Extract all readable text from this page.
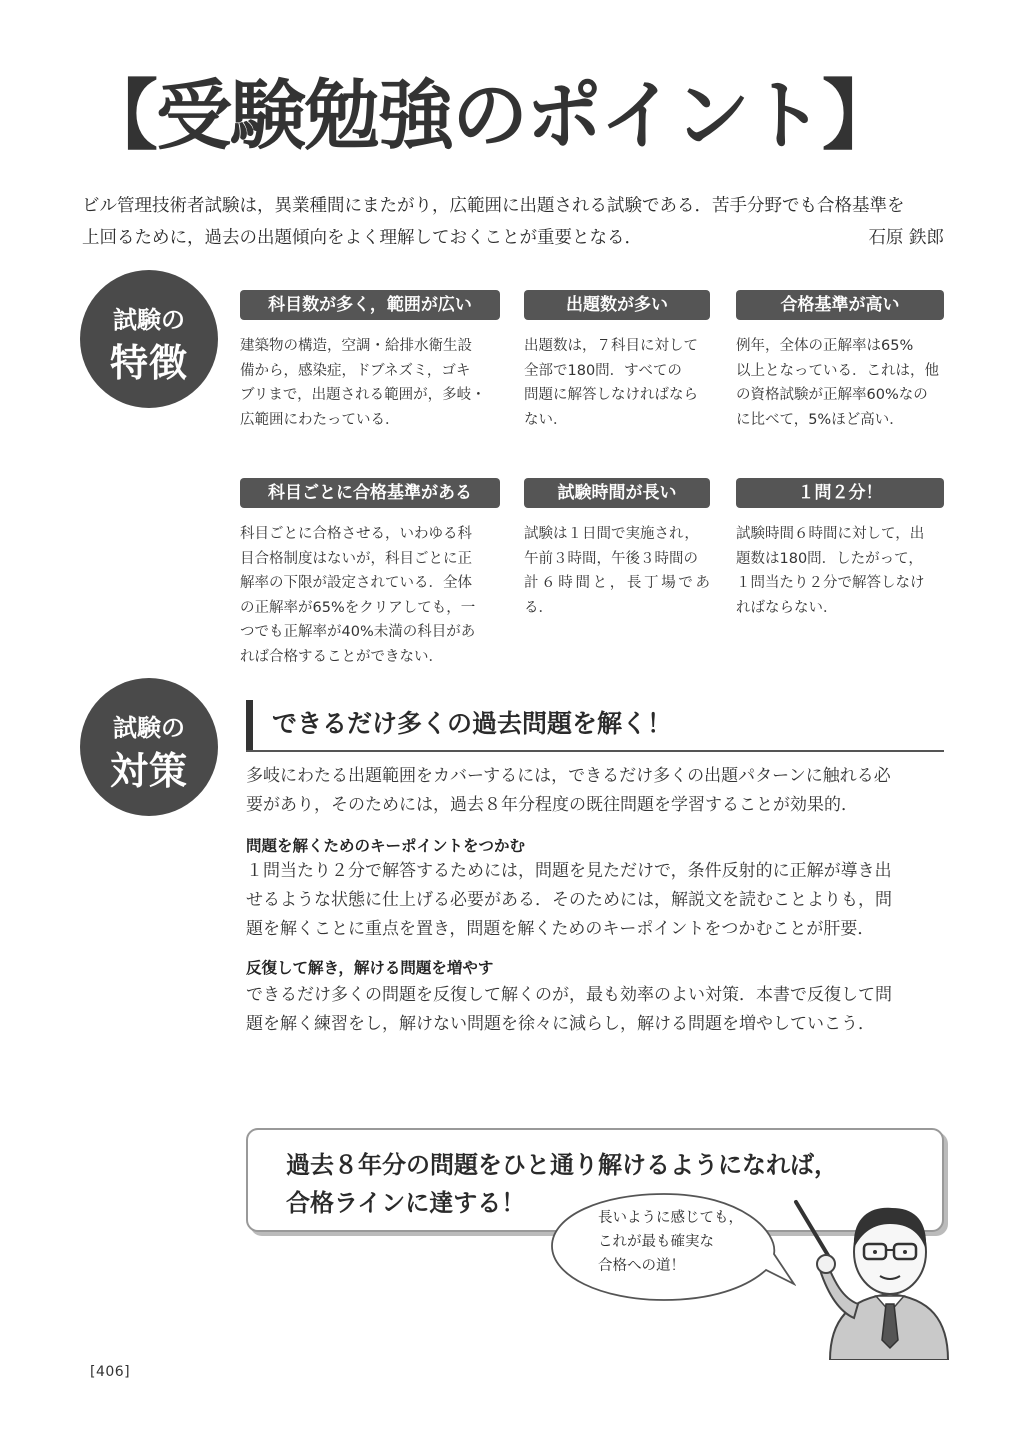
【受験勉強のポイント】
ビル管理技術者試験は，異業種間にまたがり，広範囲に出題される試験である．苦手分野でも合格基準を
上回るために，過去の出題傾向をよく理解しておくことが重要となる．	石原 鉄郎
試験の
特徴
科目数が多く，範囲が広い
建築物の構造，空調・給排水衛生設
備から，感染症，ドブネズミ，ゴキ
ブリまで，出題される範囲が，多岐・
広範囲にわたっている．
出題数が多い
出題数は，７科目に対して
全部で180問．すべての
問題に解答しなければなら
ない．
合格基準が高い
例年，全体の正解率は65%
以上となっている．これは，他
の資格試験が正解率60%なの
に比べて，5%ほど高い．
科目ごとに合格基準がある
科目ごとに合格させる，いわゆる科
目合格制度はないが，科目ごとに正
解率の下限が設定されている．全体
の正解率が65%をクリアしても，一
つでも正解率が40%未満の科目があ
れば合格することができない．
試験時間が長い
試験は１日間で実施され，
午前３時間，午後３時間の
計６時間と，長丁場である．
１問２分！
試験時間６時間に対して，出
題数は180問．したがって，
１問当たり２分で解答しなけ
ればならない．
試験の
対策
できるだけ多くの過去問題を解く！
多岐にわたる出題範囲をカバーするには，できるだけ多くの出題パターンに触れる必
要があり，そのためには，過去８年分程度の既往問題を学習することが効果的．
問題を解くためのキーポイントをつかむ
１問当たり２分で解答するためには，問題を見ただけで，条件反射的に正解が導き出
せるような状態に仕上げる必要がある．そのためには，解説文を読むことよりも，問
題を解くことに重点を置き，問題を解くためのキーポイントをつかむことが肝要．
反復して解き，解ける問題を増やす
できるだけ多くの問題を反復して解くのが，最も効率のよい対策．本書で反復して問
題を解く練習をし，解けない問題を徐々に減らし，解ける問題を増やしていこう．
過去８年分の問題をひと通り解けるようになれば，
合格ラインに達する！
長いように感じても，
これが最も確実な
合格への道！
[406]
